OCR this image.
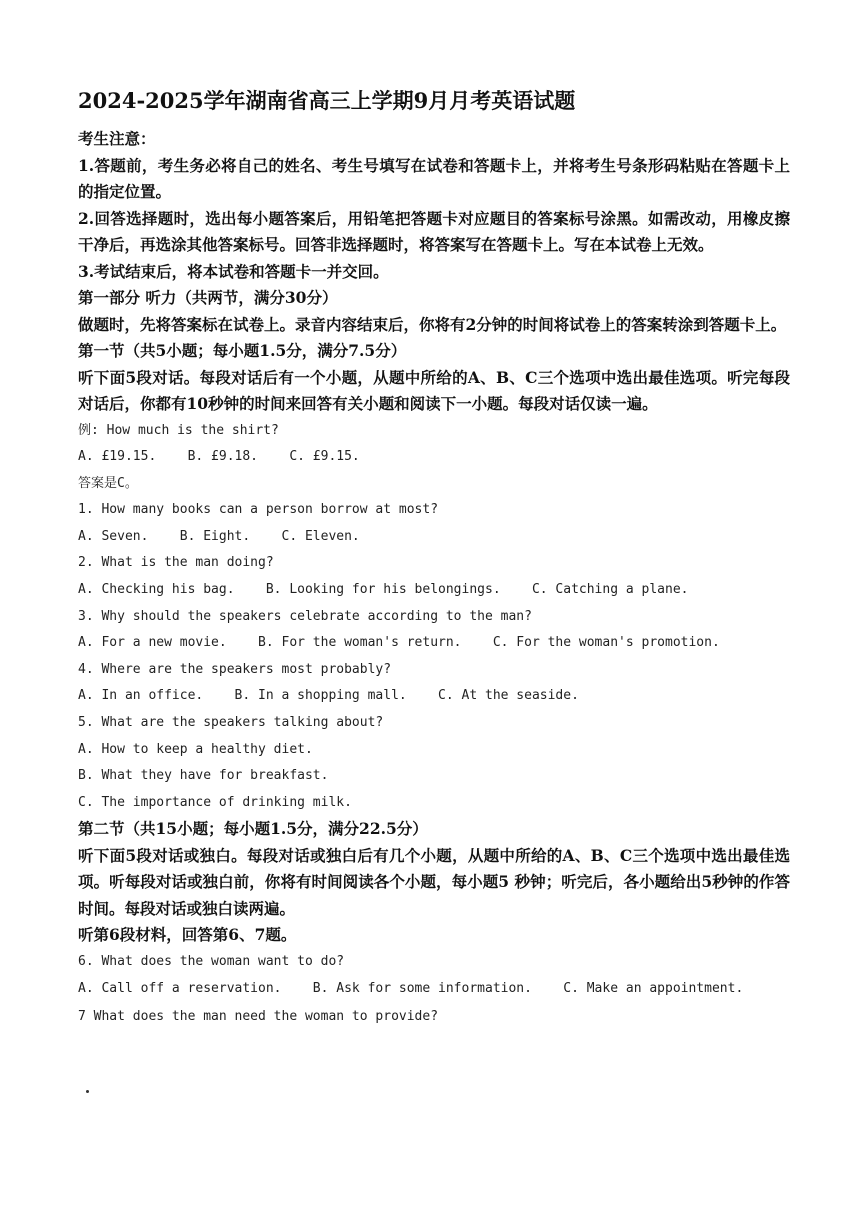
2024-2025学年湖南省高三上学期9月月考英语试题

考生注意：

1.答题前，考生务必将自己的姓名、考生号填写在试卷和答题卡上，并将考生号条形码粘贴在答题卡上的指定位置。

2.回答选择题时，选出每小题答案后，用铅笔把答题卡对应题目的答案标号涂黑。如需改动，用橡皮擦干净后，再选涂其他答案标号。回答非选择题时，将答案写在答题卡上。写在本试卷上无效。

3.考试结束后，将本试卷和答题卡一并交回。

第一部分 听力（共两节，满分30分）

做题时，先将答案标在试卷上。录音内容结束后，你将有2分钟的时间将试卷上的答案转涂到答题卡上。

第一节（共5小题；每小题1.5分，满分7.5分）

听下面5段对话。每段对话后有一个小题，从题中所给的A、B、C三个选项中选出最佳选项。听完每段对话后，你都有10秒钟的时间来回答有关小题和阅读下一小题。每段对话仅读一遍。

例: How much is the shirt?

A. £19.15.    B. £9.18.    C. £9.15.

答案是C。

1. How many books can a person borrow at most?

A. Seven.    B. Eight.    C. Eleven.

2. What is the man doing?

A. Checking his bag.    B. Looking for his belongings.    C. Catching a plane.

3. Why should the speakers celebrate according to the man?

A. For a new movie.    B. For the woman's return.    C. For the woman's promotion.

4. Where are the speakers most probably?

A. In an office.    B. In a shopping mall.    C. At the seaside.

5. What are the speakers talking about?

A. How to keep a healthy diet.

B. What they have for breakfast.

C. The importance of drinking milk.

第二节（共15小题；每小题1.5分，满分22.5分）

听下面5段对话或独白。每段对话或独白后有几个小题，从题中所给的A、B、C三个选项中选出最佳选项。听每段对话或独白前，你将有时间阅读各个小题，每小题5 秒钟；听完后，各小题给出5秒钟的作答时间。每段对话或独白读两遍。

听第6段材料，回答第6、7题。

6. What does the woman want to do?

A. Call off a reservation.    B. Ask for some information.    C. Make an appointment.

7 What does the man need the woman to provide?
